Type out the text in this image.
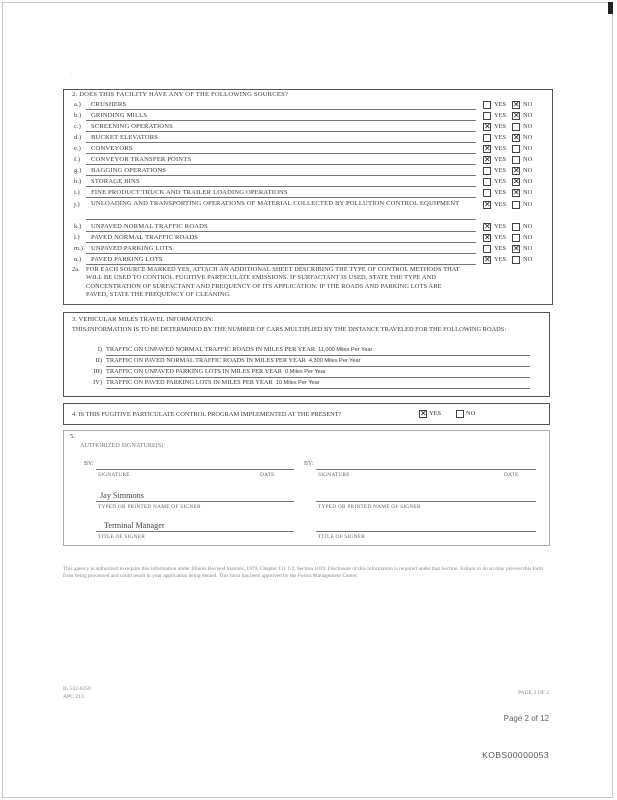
·
2. DOES THIS FACILITY HAVE ANY OF THE FOLLOWING SOURCES?
a.) CRUSHERS	YES ✕ NO
b.) GRINDING MILLS	YES ✕ NO
c.) SCREENING OPERATIONS	✕ YES	NO
d.) BUCKET ELEVATORS	YES ✕ NO
e.) CONVEYORS	✕ YES	NO
f.) CONVEYOR TRANSFER POINTS	✕ YES	NO
g.) BAGGING OPERATIONS	YES ✕ NO
h.) STORAGE BINS	YES ✕ NO
i.) FINE PRODUCT TRUCK AND TRAILER LOADING OPERATIONS	YES ✕ NO
j.) UNLOADING AND TRANSPORTING OPERATIONS OF MATERIAL COLLECTED BY POLLUTION CONTROL EQUIPMENT	✕ YES	NO
k.) UNPAVED NORMAL TRAFFIC ROADS	✕ YES	NO
l.) PAVED NORMAL TRAFFIC ROADS	✕ YES	NO
m.) UNPAVED PARKING LOTS	YES ✕ NO
n.) PAVED PARKING LOTS	✕ YES	NO
2a. FOR EACH SOURCE MARKED YES, ATTACH AN ADDITIONAL SHEET DESCRIBING THE TYPE OF CONTROL METHODS THAT
WILL BE USED TO CONTROL FUGITIVE PARTICULATE EMISSIONS. IF SURFACTANT IS USED, STATE THE TYPE AND
CONCENTRATION OF SURFACTANT AND FREQUENCY OF ITS APPLICATION. IF THE ROADS AND PARKING LOTS ARE
PAVED, STATE THE FREQUENCY OF CLEANING.
3. VEHICULAR MILES TRAVEL INFORMATION:
THIS INFORMATION IS TO BE DETERMINED BY THE NUMBER OF CARS MULTIPLIED BY THE DISTANCE TRAVELED FOR THE FOLLOWING ROADS:
I) TRAFFIC ON UNPAVED NORMAL TRAFFIC ROADS IN MILES PER YEAR 11,000 Miles Per Year
II) TRAFFIC ON PAVED NORMAL TRAFFIC ROADS IN MILES PER YEAR 4,300 Miles Per Year
III) TRAFFIC ON UNPAVED PARKING LOTS IN MILES PER YEAR 0 Miles Per Year
IV) TRAFFIC ON PAVED PARKING LOTS IN MILES PER YEAR 10 Miles Per Year
4. IS THIS FUGITIVE PARTICULATE CONTROL PROGRAM IMPLEMENTED AT THE PRESENT?	✕ YES	NO
5.
AUTHORIZED SIGNATURE(S):
BY:
SIGNATURE	DATE
BY:
SIGNATURE	DATE
Jay Simmons
TYPED OR PRINTED NAME OF SIGNER	TYPED OR PRINTED NAME OF SIGNER
Terminal Manager
TITLE OF SIGNER	TITLE OF SIGNER
This agency is authorized to require this information under Illinois Revised Statutes, 1979, Chapter 111 1/2, Section 1039. Disclosure of this information is required under that Section. Failure to do so may prevent this form from being processed and could result in your application being denied. This form has been approved by the Forms Management Center.
IL 532-0350
APC 213
PAGE 2 OF 2
Page 2 of 12
KOBS00000053
